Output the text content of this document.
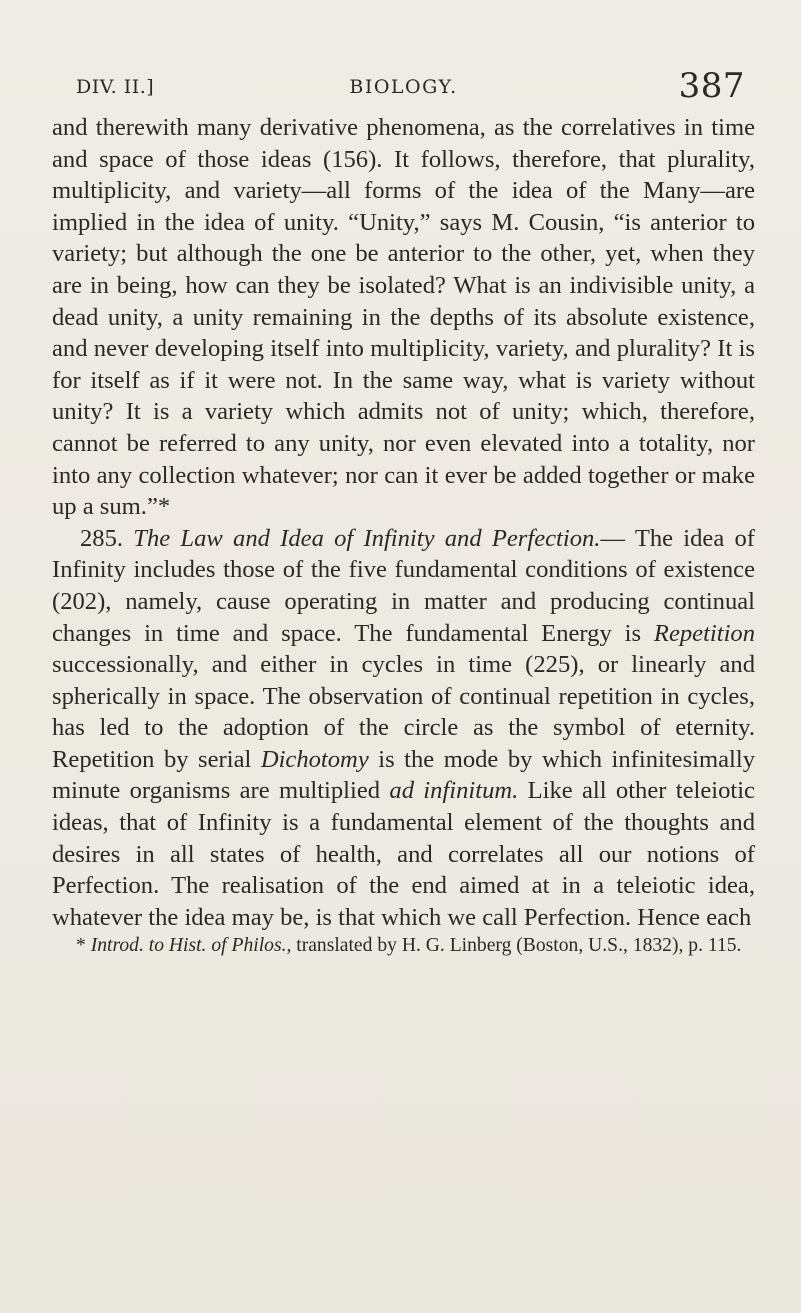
DIV. II.]	BIOLOGY.	387

and therewith many derivative phenomena, as the correlatives in time and space of those ideas (156). It follows, therefore, that plurality, multiplicity, and variety—all forms of the idea of the Many—are implied in the idea of unity. “Unity,” says M. Cousin, “is anterior to variety; but although the one be anterior to the other, yet, when they are in being, how can they be isolated? What is an indivisible unity, a dead unity, a unity remaining in the depths of its absolute existence, and never developing itself into multiplicity, variety, and plurality? It is for itself as if it were not. In the same way, what is variety without unity? It is a variety which admits not of unity; which, therefore, cannot be referred to any unity, nor even elevated into a totality, nor into any collection whatever; nor can it ever be added together or make up a sum.”*

285. The Law and Idea of Infinity and Perfection.— The idea of Infinity includes those of the five fundamental conditions of existence (202), namely, cause operating in matter and producing continual changes in time and space. The fundamental Energy is Repetition successionally, and either in cycles in time (225), or linearly and spherically in space. The observation of continual repetition in cycles, has led to the adoption of the circle as the symbol of eternity. Repetition by serial Dichotomy is the mode by which infinitesimally minute organisms are multiplied ad infinitum. Like all other teleiotic ideas, that of Infinity is a fundamental element of the thoughts and desires in all states of health, and correlates all our notions of Perfection. The realisation of the end aimed at in a teleiotic idea, whatever the idea may be, is that which we call Perfection. Hence each

* Introd. to Hist. of Philos., translated by H. G. Linberg (Boston, U.S., 1832), p. 115.
